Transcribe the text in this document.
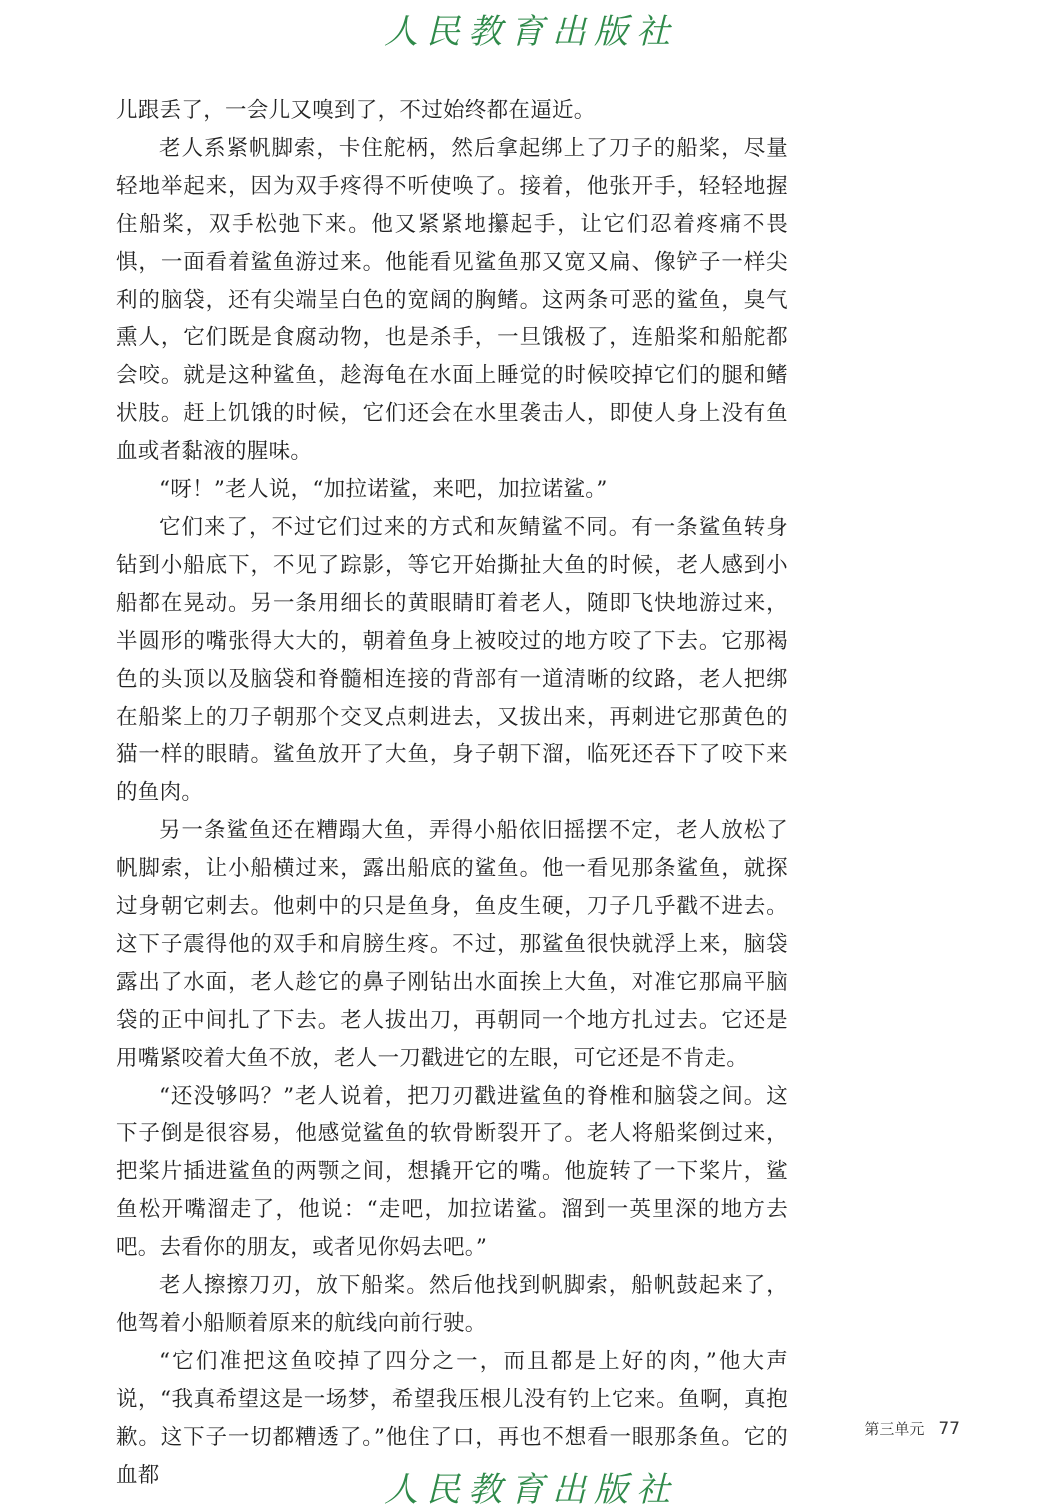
人民教育出版社

儿跟丢了，一会儿又嗅到了，不过始终都在逼近。

老人系紧帆脚索，卡住舵柄，然后拿起绑上了刀子的船桨，尽量轻地举起来，因为双手疼得不听使唤了。接着，他张开手，轻轻地握住船桨，双手松弛下来。他又紧紧地攥起手，让它们忍着疼痛不畏惧，一面看着鲨鱼游过来。他能看见鲨鱼那又宽又扁、像铲子一样尖利的脑袋，还有尖端呈白色的宽阔的胸鳍。这两条可恶的鲨鱼，臭气熏人，它们既是食腐动物，也是杀手，一旦饿极了，连船桨和船舵都会咬。就是这种鲨鱼，趁海龟在水面上睡觉的时候咬掉它们的腿和鳍状肢。赶上饥饿的时候，它们还会在水里袭击人，即使人身上没有鱼血或者黏液的腥味。

“呀！”老人说，“加拉诺鲨，来吧，加拉诺鲨。”

它们来了，不过它们过来的方式和灰鲭鲨不同。有一条鲨鱼转身钻到小船底下，不见了踪影，等它开始撕扯大鱼的时候，老人感到小船都在晃动。另一条用细长的黄眼睛盯着老人，随即飞快地游过来，半圆形的嘴张得大大的，朝着鱼身上被咬过的地方咬了下去。它那褐色的头顶以及脑袋和脊髓相连接的背部有一道清晰的纹路，老人把绑在船桨上的刀子朝那个交叉点刺进去，又拔出来，再刺进它那黄色的猫一样的眼睛。鲨鱼放开了大鱼，身子朝下溜，临死还吞下了咬下来的鱼肉。

另一条鲨鱼还在糟蹋大鱼，弄得小船依旧摇摆不定，老人放松了帆脚索，让小船横过来，露出船底的鲨鱼。他一看见那条鲨鱼，就探过身朝它刺去。他刺中的只是鱼身，鱼皮生硬，刀子几乎戳不进去。这下子震得他的双手和肩膀生疼。不过，那鲨鱼很快就浮上来，脑袋露出了水面，老人趁它的鼻子刚钻出水面挨上大鱼，对准它那扁平脑袋的正中间扎了下去。老人拔出刀，再朝同一个地方扎过去。它还是用嘴紧咬着大鱼不放，老人一刀戳进它的左眼，可它还是不肯走。

“还没够吗？”老人说着，把刀刃戳进鲨鱼的脊椎和脑袋之间。这下子倒是很容易，他感觉鲨鱼的软骨断裂开了。老人将船桨倒过来，把桨片插进鲨鱼的两颚之间，想撬开它的嘴。他旋转了一下桨片，鲨鱼松开嘴溜走了，他说：“走吧，加拉诺鲨。溜到一英里深的地方去吧。去看你的朋友，或者见你妈去吧。”

老人擦擦刀刃，放下船桨。然后他找到帆脚索，船帆鼓起来了，他驾着小船顺着原来的航线向前行驶。

“它们准把这鱼咬掉了四分之一，而且都是上好的肉，”他大声说，“我真希望这是一场梦，希望我压根儿没有钓上它来。鱼啊，真抱歉。这下子一切都糟透了。”他住了口，再也不想看一眼那条鱼。它的血都

第三单元 77
人民教育出版社
